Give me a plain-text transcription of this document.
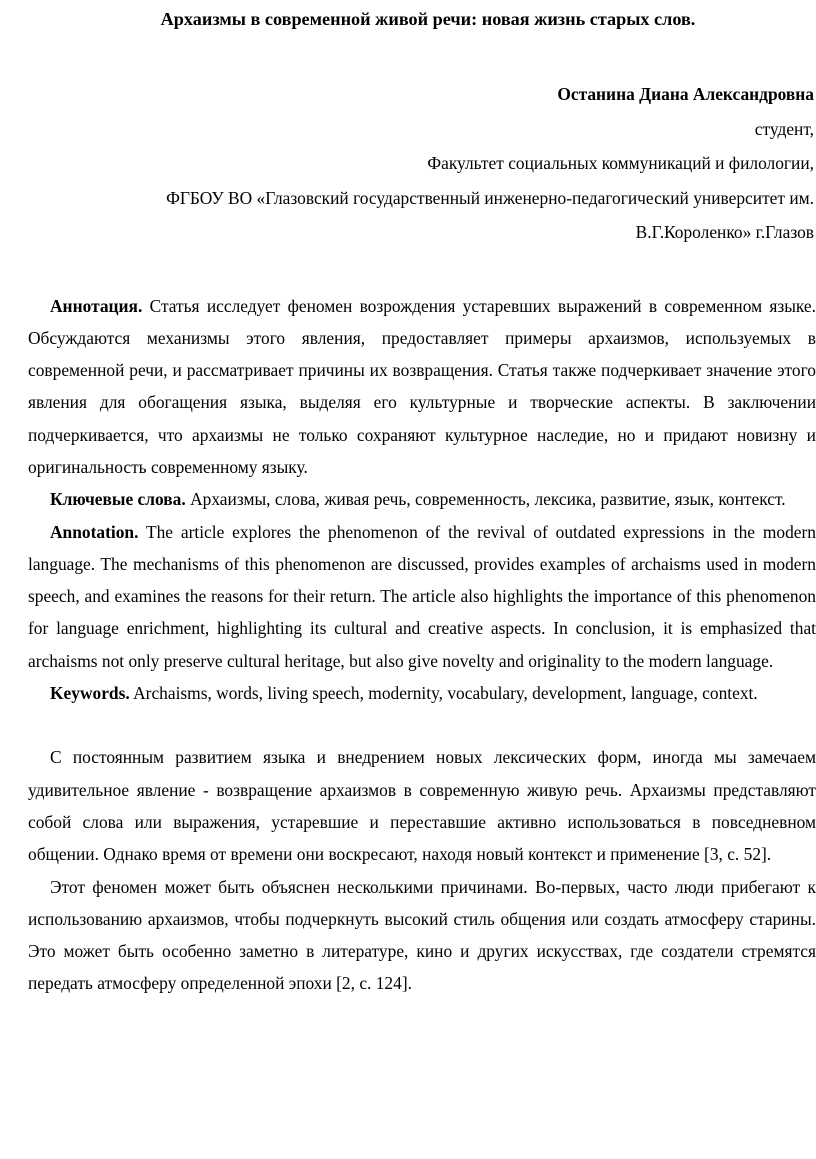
Архаизмы в современной живой речи: новая жизнь старых слов.
Останина Диана Александровна
студент,
Факультет социальных коммуникаций и филологии,
ФГБОУ ВО «Глазовский государственный инженерно-педагогический университет им.
В.Г.Короленко» г.Глазов

Аннотация. Статья исследует феномен возрождения устаревших выражений в современном языке. Обсуждаются механизмы этого явления, предоставляет примеры архаизмов, используемых в современной речи, и рассматривает причины их возвращения. Статья также подчеркивает значение этого явления для обогащения языка, выделяя его культурные и творческие аспекты. В заключении подчеркивается, что архаизмы не только сохраняют культурное наследие, но и придают новизну и оригинальность современному языку.

Ключевые слова. Архаизмы, слова, живая речь, современность, лексика, развитие, язык, контекст.

Annotation. The article explores the phenomenon of the revival of outdated expressions in the modern language. The mechanisms of this phenomenon are discussed, provides examples of archaisms used in modern speech, and examines the reasons for their return. The article also highlights the importance of this phenomenon for language enrichment, highlighting its cultural and creative aspects. In conclusion, it is emphasized that archaisms not only preserve cultural heritage, but also give novelty and originality to the modern language.

Keywords. Archaisms, words, living speech, modernity, vocabulary, development, language, context.

С постоянным развитием языка и внедрением новых лексических форм, иногда мы замечаем удивительное явление - возвращение архаизмов в современную живую речь. Архаизмы представляют собой слова или выражения, устаревшие и переставшие активно использоваться в повседневном общении. Однако время от времени они воскресают, находя новый контекст и применение [3, с. 52].

Этот феномен может быть объяснен несколькими причинами. Во-первых, часто люди прибегают к использованию архаизмов, чтобы подчеркнуть высокий стиль общения или создать атмосферу старины. Это может быть особенно заметно в литературе, кино и других искусствах, где создатели стремятся передать атмосферу определенной эпохи [2, с. 124].
